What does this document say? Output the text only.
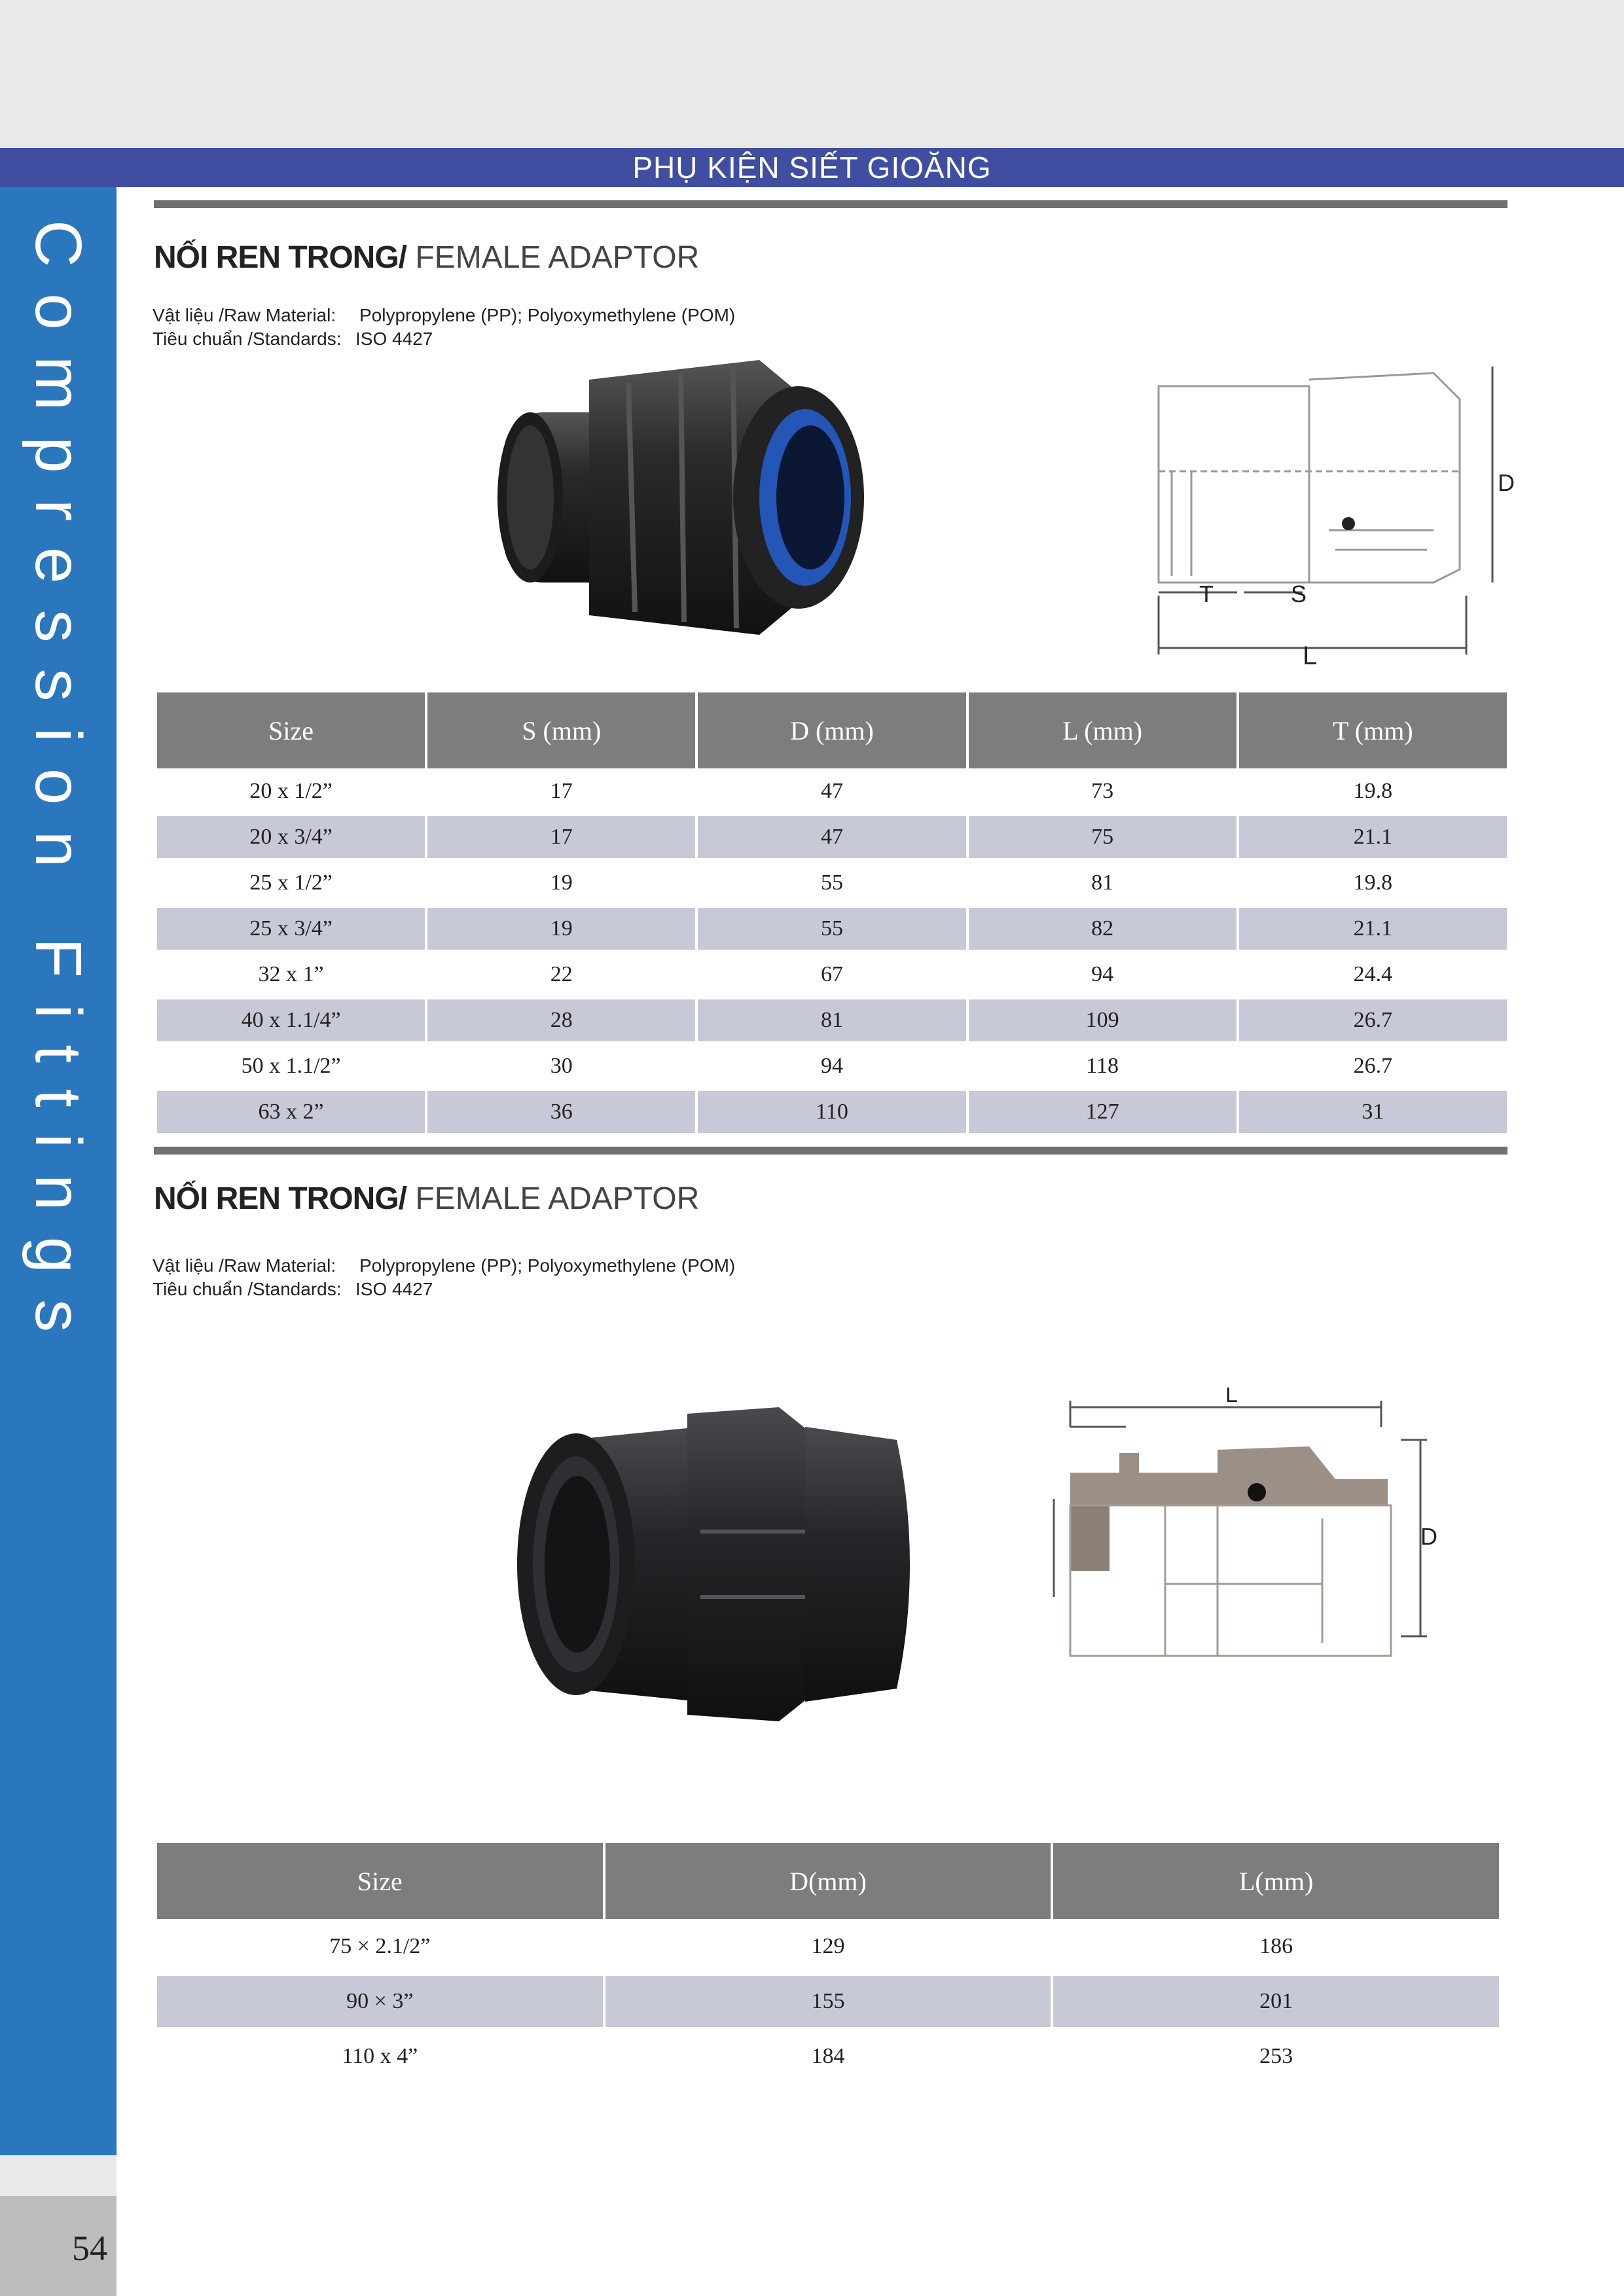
PHỤ KIỆN SIẾT GIOĂNG
Compression Fittings
54
NỐI REN TRONG/ FEMALE ADAPTOR
Vật liệu /Raw Material: Polypropylene (PP); Polyoxymethylene (POM)
Tiêu chuẩn /Standards: ISO 4427
D
T	S
L
Size	S (mm)	D (mm)	L (mm)	T (mm)
20 x 1/2”	17	47	73	19.8
20 x 3/4”	17	47	75	21.1
25 x 1/2”	19	55	81	19.8
25 x 3/4”	19	55	82	21.1
32 x 1”	22	67	94	24.4
40 x 1.1/4”	28	81	109	26.7
50 x 1.1/2”	30	94	118	26.7
63 x 2”	36	110	127	31
NỐI REN TRONG/ FEMALE ADAPTOR
Vật liệu /Raw Material: Polypropylene (PP); Polyoxymethylene (POM)
Tiêu chuẩn /Standards: ISO 4427
L
D
Size	D(mm)	L(mm)
75 × 2.1/2”	129	186
90 × 3”	155	201
110 x 4”	184	253
